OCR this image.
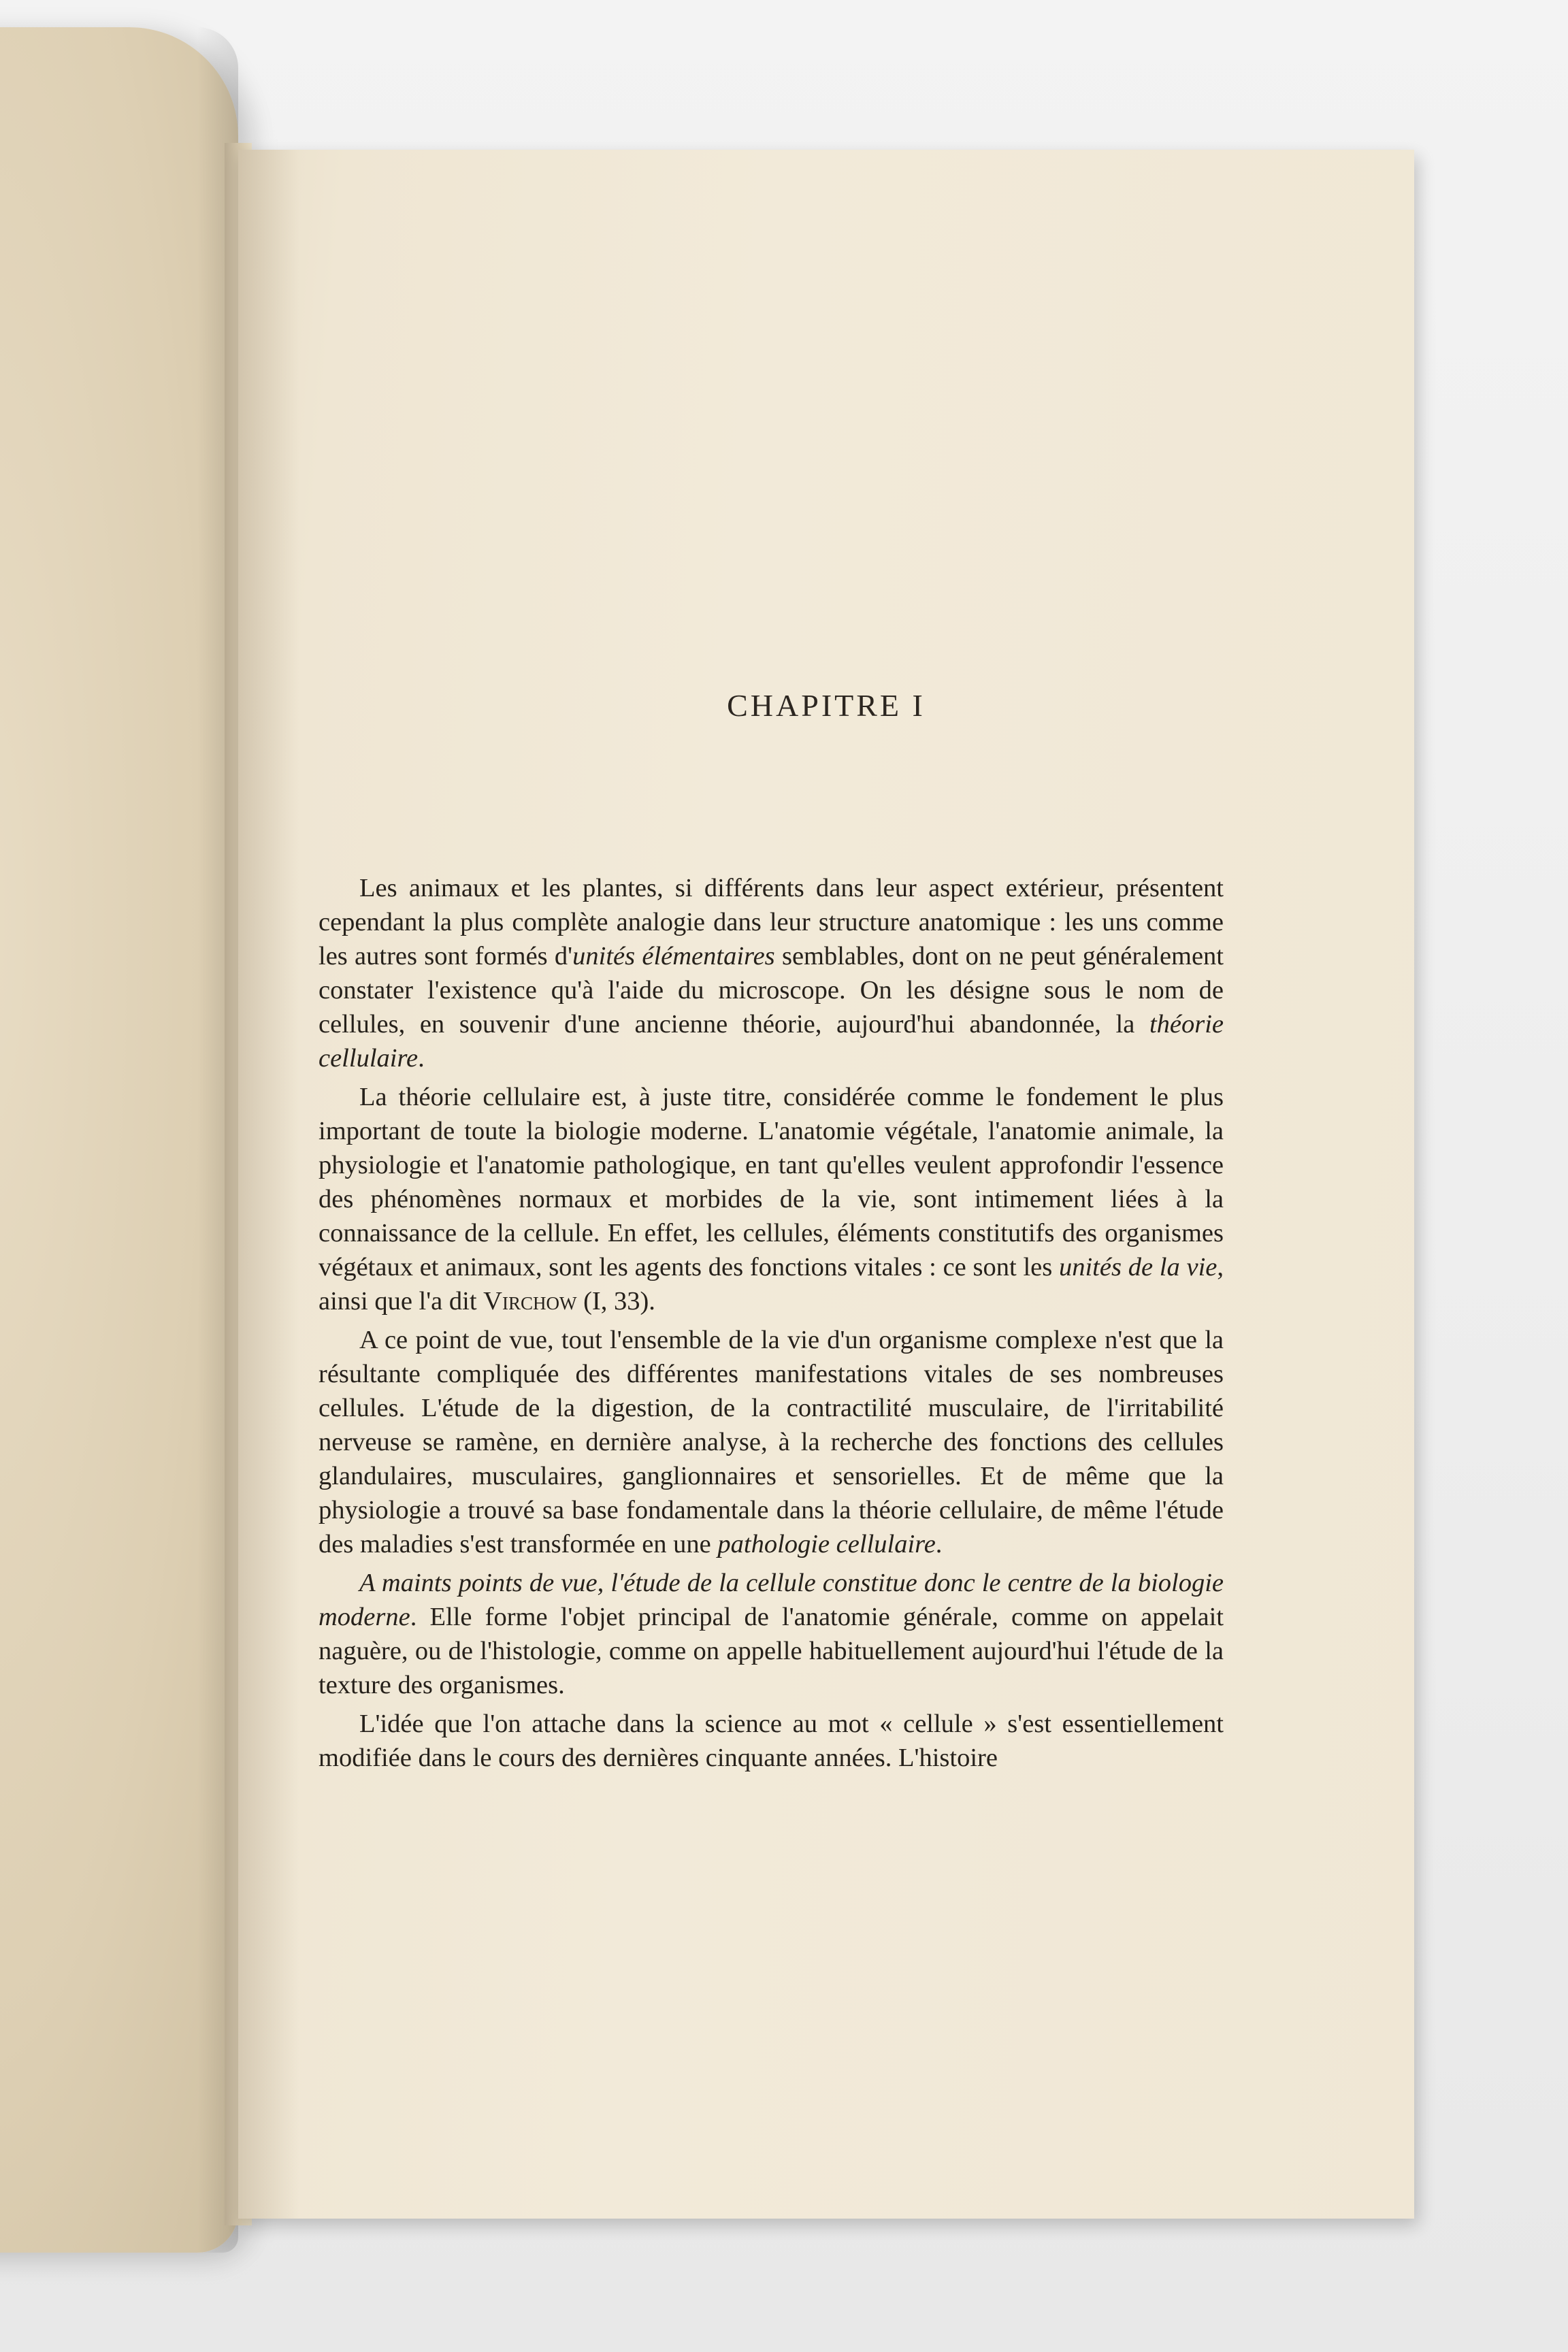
CHAPITRE I

Les animaux et les plantes, si différents dans leur aspect extérieur, présentent cependant la plus complète analogie dans leur structure anatomique : les uns comme les autres sont formés d'unités élémentaires semblables, dont on ne peut généralement constater l'existence qu'à l'aide du microscope. On les désigne sous le nom de cellules, en souvenir d'une ancienne théorie, aujourd'hui abandonnée, la théorie cellulaire.

La théorie cellulaire est, à juste titre, considérée comme le fondement le plus important de toute la biologie moderne. L'anatomie végétale, l'anatomie animale, la physiologie et l'anatomie pathologique, en tant qu'elles veulent approfondir l'essence des phénomènes normaux et morbides de la vie, sont intimement liées à la connaissance de la cellule. En effet, les cellules, éléments constitutifs des organismes végétaux et animaux, sont les agents des fonctions vitales : ce sont les unités de la vie, ainsi que l'a dit Virchow (I, 33).

A ce point de vue, tout l'ensemble de la vie d'un organisme complexe n'est que la résultante compliquée des différentes manifestations vitales de ses nombreuses cellules. L'étude de la digestion, de la contractilité musculaire, de l'irritabilité nerveuse se ramène, en dernière analyse, à la recherche des fonctions des cellules glandulaires, musculaires, ganglionnaires et sensorielles. Et de même que la physiologie a trouvé sa base fondamentale dans la théorie cellulaire, de même l'étude des maladies s'est transformée en une pathologie cellulaire.

A maints points de vue, l'étude de la cellule constitue donc le centre de la biologie moderne. Elle forme l'objet principal de l'anatomie générale, comme on appelait naguère, ou de l'histologie, comme on appelle habituellement aujourd'hui l'étude de la texture des organismes.

L'idée que l'on attache dans la science au mot « cellule » s'est essentiellement modifiée dans le cours des dernières cinquante années. L'histoire
